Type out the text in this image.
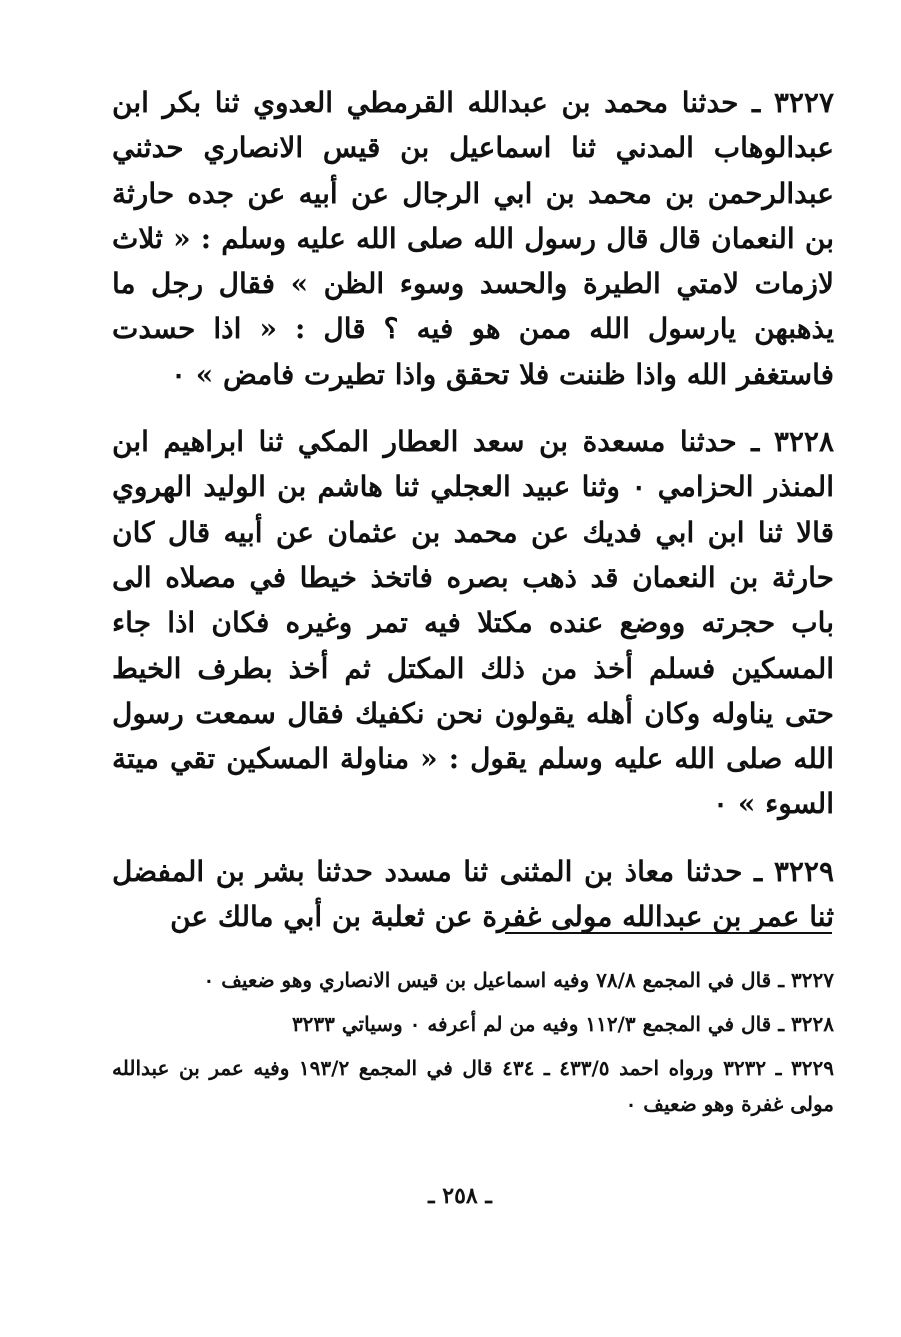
٣٢٢٧ ـ حدثنا محمد بن عبدالله القرمطي العدوي ثنا بكر ابن عبدالوهاب المدني ثنا اسماعيل بن قيس الانصاري حدثني عبدالرحمن بن محمد بن ابي الرجال عن أبيه عن جده حارثة بن النعمان قال قال رسول الله صلى الله عليه وسلم : « ثلاث لازمات لامتي الطيرة والحسد وسوء الظن » فقال رجل ما يذهبهن يارسول الله ممن هو فيه ؟ قال : « اذا حسدت فاستغفر الله واذا ظننت فلا تحقق واذا تطيرت فامض » ٠

٣٢٢٨ ـ حدثنا مسعدة بن سعد العطار المكي ثنا ابراهيم ابن المنذر الحزامي ٠ وثنا عبيد العجلي ثنا هاشم بن الوليد الهروي قالا ثنا ابن ابي فديك عن محمد بن عثمان عن أبيه قال كان حارثة بن النعمان قد ذهب بصره فاتخذ خيطا في مصلاه الى باب حجرته ووضع عنده مكتلا فيه تمر وغيره فكان اذا جاء المسكين فسلم أخذ من ذلك المكتل ثم أخذ بطرف الخيط حتى يناوله وكان أهله يقولون نحن نكفيك فقال سمعت رسول الله صلى الله عليه وسلم يقول : « مناولة المسكين تقي ميتة السوء » ٠

٣٢٢٩ ـ حدثنا معاذ بن المثنى ثنا مسدد حدثنا بشر بن المفضل ثنا عمر بن عبدالله مولى غفرة عن ثعلبة بن أبي مالك عن

٣٢٢٧ ـ قال في المجمع ٧٨/٨ وفيه اسماعيل بن قيس الانصاري وهو ضعيف ٠

٣٢٢٨ ـ قال في المجمع ١١٢/٣ وفيه من لم أعرفه ٠ وسياتي ٣٢٣٣

٣٢٢٩ ـ ٣٢٣٢ ورواه احمد ٤٣٣/٥ ـ ٤٣٤ قال في المجمع ١٩٣/٢ وفيه عمر بن عبدالله مولى غفرة وهو ضعيف ٠

ـ ٢٥٨ ـ
